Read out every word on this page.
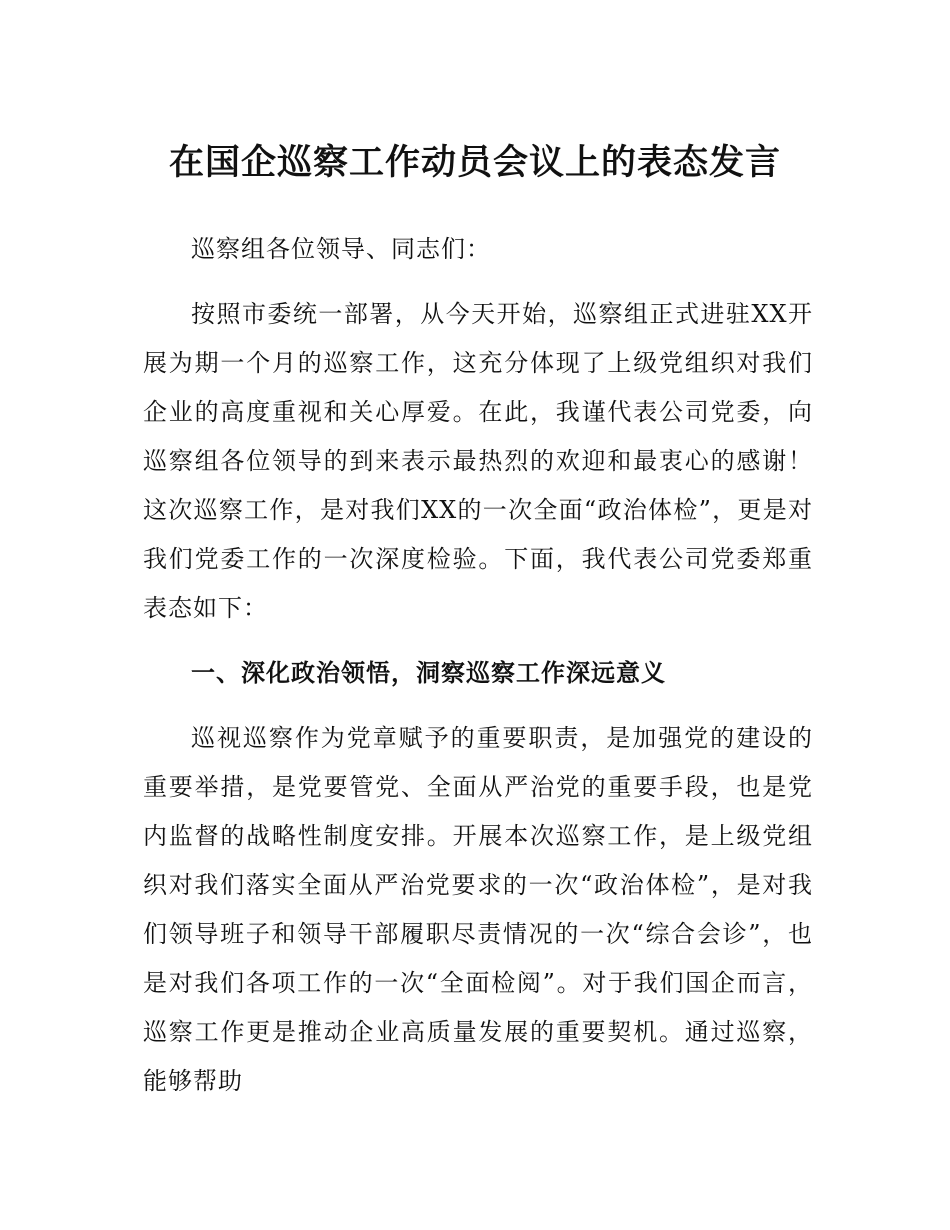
在国企巡察工作动员会议上的表态发言

巡察组各位领导、同志们：

按照市委统一部署，从今天开始，巡察组正式进驻XX开展为期一个月的巡察工作，这充分体现了上级党组织对我们企业的高度重视和关心厚爱。在此，我谨代表公司党委，向巡察组各位领导的到来表示最热烈的欢迎和最衷心的感谢！这次巡察工作，是对我们XX的一次全面“政治体检”，更是对我们党委工作的一次深度检验。下面，我代表公司党委郑重表态如下：

一、深化政治领悟，洞察巡察工作深远意义

巡视巡察作为党章赋予的重要职责，是加强党的建设的重要举措，是党要管党、全面从严治党的重要手段，也是党内监督的战略性制度安排。开展本次巡察工作，是上级党组织对我们落实全面从严治党要求的一次“政治体检”，是对我们领导班子和领导干部履职尽责情况的一次“综合会诊”，也是对我们各项工作的一次“全面检阅”。对于我们国企而言，巡察工作更是推动企业高质量发展的重要契机。通过巡察，能够帮助
